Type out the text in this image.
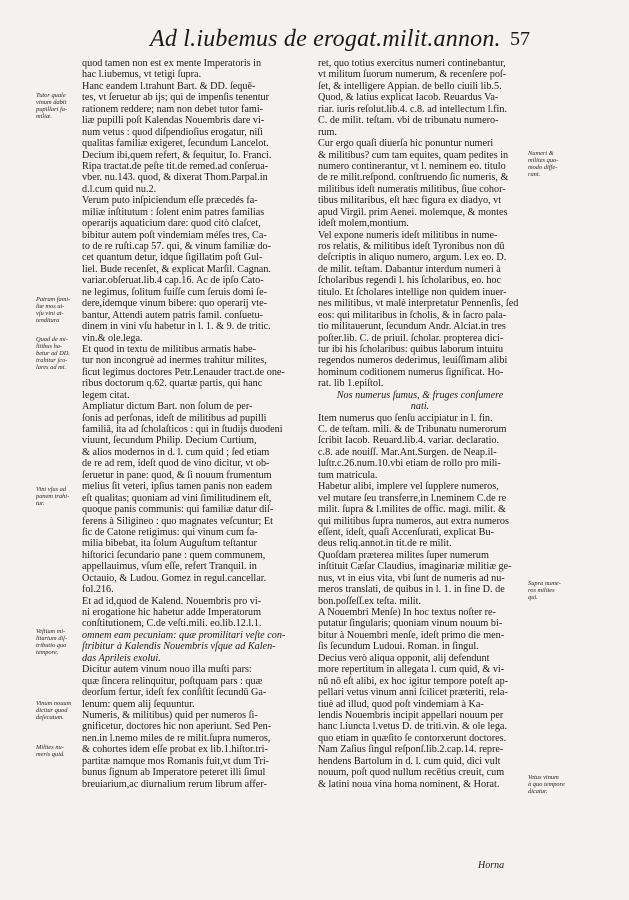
Ad l.iubemus de erogat.milit.annon. 57
Tutor quale
vinum dabit
pupillari fa-
miliæ.
Patrum fami-
liæ mos ut-
vſu vini at-
tenditura
Quod de mi-
litibus ha-
betur ad DD.
trahitur ſco-
lares ad mi.
Vini vſus ad
panem trahi-
tur.
Veſtium mi-
litarium diſ-
tributio quo
tempore.
Vinum nouum
dicitur quod
deſecatum.
Milites nu-
meris quid.
Numeri &
milites quo-
modo diffe-
rant.
Supra nume-
ros milites
qui.
Vetus vinum
à quo tempore
dicatur.
quod tamen non est ex mente Imperatoris in
hac l.iubemus, vt tetigi ſupra.
Hanc eandem l.trahunt Bart. & DD. ſequē-
tes, vt ſeruetur ab ijs; qui de impenſis tenentur
rationem reddere; nam non debet tutor fami-
liæ pupilli poſt Kalendas Nouembris dare vi-
num vetus : quod diſpendioſius erogatur, niſi
qualitas familiæ exigeret, ſecundum Lancelot.
Decium ibi,quem refert, & ſequitur, Io. Franci.
Ripa tractat.de peſte tit.de remed.ad conſerua-
vber. nu.143. quod, & dixerat Thom.Parpal.in
d.l.cum quid nu.2.
Verum puto inſpiciendum eſſe præcedés fa-
miliæ inſtitutum : ſolent enim patres familias
operarijs aquaticium dare: quod citò claſcet,
bibitur autem poſt vindemiam méſes tres, Ca-
to de re ruſti.cap 57. qui, & vinum familiæ do-
cet quantum detur, idque ſigillatim poſt Gul-
liel. Bude recenſet, & explicat Marſil. Cagnan.
variar.obſeruat.lib.4 cap.16. Ac de ipſo Cato-
ne legimus, ſolitum fuiſſe cum ſeruis domi ſe-
dere,ídemque vinum bibere: quo operarij vte-
bantur, Attendi autem patris famil. conſuetu-
dinem in vini vſu habetur in l. 1. & 9. de tritic.
vin.& ole.lega.
Et quod in textu de militibus armatis habe-
tur non incongruè ad inermes trahitur milites,
ſicut legimus doctores Petr.Lenauder tract.de one-
ribus doctorum q.62. quartæ partis, qui hanc
legem citat.
Ampliatur dictum Bart. non ſolum de per-
ſonis ad perſonas, ideſt de militibus ad pupilli
familiā, ita ad ſcholaſticos : qui in ſtudijs duodeni
viuunt, ſecundum Philip. Decium Curtium,
& alios modernos in d. l. cum quid ; ſed etiam
de re ad rem, ideſt quod de vino dicitur, vt ob-
ſeruetur in pane: quod, & ſi nouum frumentum
melius ſit veteri, ipſius tamen panis non eadem
eſt qualitas; quoniam ad vini ſimilitudinem eſt,
quoque panis communis: qui familiæ datur diſ-
ferens à Siligineo : quo magnates veſcuntur; Et
ſic de Catone retigimus: qui vinum cum fa-
milia bibebat, ita ſolum Auguſtum teſtantur
hiſtorici ſecundario pane : quem communem,
appellauimus, vſum eſſe, refert Tranquil. in
Octauio, & Ludou. Gomez in regul.cancellar.
fol.216.
Et ad id,quod de Kalend. Nouembris pro vi-
ni erogatione hic habetur adde Imperatorum
conſtitutionem, C.de veſti.mili. eo.lib.12.l.1.
omnem eam pecuniam: quæ promilitari veſte con-
ſtribitur à Kalendis Nouembris vſque ad Kalen-
das Aprileis exolui.
Dicitur autem vinum nouo illa muſti pars:
quæ ſincera relinquitur, poſtquam pars : quæ
deorſum fertur, ideſt fex conſiſtit ſecundū Ga-
lenum: quem alij ſequuntur.
Numeris, & militibus) quid per numeros ſi-
gnificetur, doctores hic non aperiunt. Sed Pen-
nen.in l.nemo miles de re milit.ſupra numeros,
& cohortes idem eſſe probat ex lib.1.hiſtor.tri-
partitæ namque mos Romanis fuit,vt dum Tri-
bunus ſignum ab Imperatore peteret illi ſimul
breuiarium,ac diurnalium rerum librum affer-
ret, quo totius exercitus numeri continebantur,
vt militum ſuorum numerum, & recenſere poſ-
ſet, & intelligere Appian. de bello ciuili lib.5.
Quod, & latius explicat Iacob. Reuardus Va-
riar. iuris reſolut.lib.4. c.8. ad intellectum l.fin.
C. de milit. teſtam. vbi de tribunatu numero-
rum.
Cur ergo quaſi diuerſa hic ponuntur numeri
& militibus? cum tam equites, quam pedites in
numero continerantur, vt l. neminem eo. titulo
de re milit.reſpond. conſtruendo ſic numeris, &
militibus ideſt numeratis militibus, ſiue cohor-
tibus militaribus, eſt hæc figura ex diadyo, vt
apud Virgil. prim Aenei. molemque, & montes
ideſt molem,montium.
Vel expone numeris ideſt militibus in nume-
ros relatis, & militibus ideſt Tyronibus non dū
deſcriptis in aliquo numero, argum. l.ex eo. D.
de milit. teſtam. Dabantur interdum numeri à
ſcholaribus regendi l. his ſcholaribus, eo. hoc
titulo. Et ſcholares intellige non quidem inuer-
nes militibus, vt malè interpretatur Pennenſis, ſed
eos: qui militaribus in ſcholis, & in ſacro pala-
tio militauerunt, ſecundum Andr. Alciat.in tres
poſter.lib. C. de priuil. ſcholar. propterea dici-
tur ibi his ſcholaribus: quibus laborum intuitu
regendos numeros dederimus, leuiſſimam alibi
hominum coditionem numerus ſignificat. Ho-
rat. lib 1.epiſtol.
Nos numerus ſumus, & fruges conſumere
nati.
Item numerus quo ſenſu accipiatur in l. fin.
C. de teſtam. mili. & de Tribunatu numerorum
ſcribit Iacob. Reuard.lib.4. variar. declaratio.
c.8. ade nouiſſ. Mar.Ant.Surgen. de Neap.il-
luſtr.c.26.num.10.vbi etiam de rollo pro mili-
tum matricula.
Habetur alibi, implere vel ſupplere numeros,
vel mutare ſeu transferre,in l.neminem C.de re
milit. ſupra & l.milites de offic. magi. milit. &
qui militibus ſupra numeros, aut extra numeros
eſſent, ideſt, quaſi Accenſurati, explicat Bu-
deus reliq.annot.in tit.de re milit.
Quoſdam præterea milites ſuper numerum
inſtituit Cæſar Claudius, imaginariæ militiæ ge-
nus, vt in eius vita, vbi ſunt de numeris ad nu-
meros translati, de quibus in l. 1. in fine D. de
bon.poſſeſſ.ex teſta. milit.
A Nouembri Menſe) In hoc textus noſter re-
putatur ſingularis; quoniam vinum nouum bi-
bitur à Nouembri menſe, ideſt primo die men-
ſis ſecundum Ludoui. Roman. in ſingul.
Decius verò aliqua opponit, alij defendunt
more repertitum in allegata l. cum quid, & vi-
nū nō eſt alibi, ex hoc igitur tempore poteſt ap-
pellari vetus vinum anni ſcilicet præteriti, rela-
tiuè ad illud, quod poſt vindemiam à Ka-
lendis Nouembris incipit appellari nouum per
hanc l.iuncta l.vetus D. de triti.vin. & ole lega.
quo etiam in quæſito ſe contorxerunt doctores.
Nam Zaſius ſingul reſponſ.lib.2.cap.14. repre-
hendens Bartolum in d. l. cum quid, dici vult
nouum, poſt quod nullum recētius creuit, cum
& latini noua vina homa nominent, & Horat.
Horna
